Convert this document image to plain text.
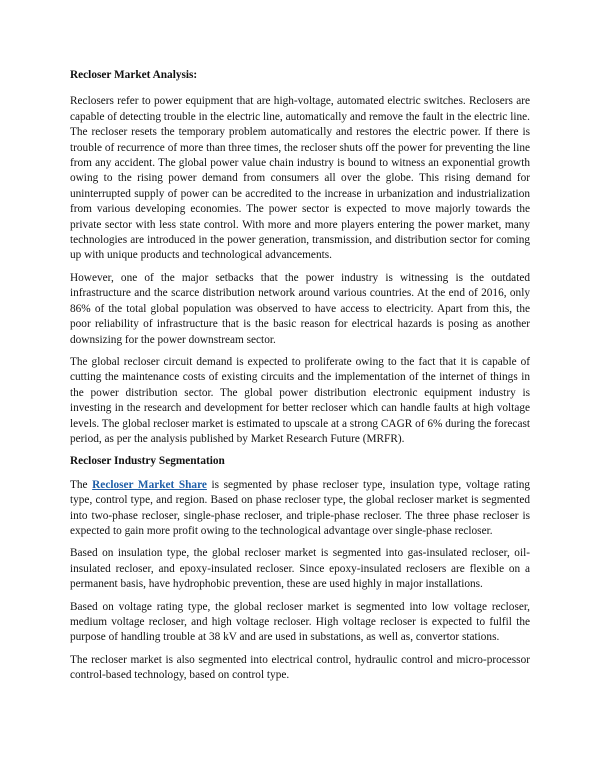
Recloser Market Analysis:

Reclosers refer to power equipment that are high-voltage, automated electric switches. Reclosers are capable of detecting trouble in the electric line, automatically and remove the fault in the electric line. The recloser resets the temporary problem automatically and restores the electric power. If there is trouble of recurrence of more than three times, the recloser shuts off the power for preventing the line from any accident. The global power value chain industry is bound to witness an exponential growth owing to the rising power demand from consumers all over the globe. This rising demand for uninterrupted supply of power can be accredited to the increase in urbanization and industrialization from various developing economies. The power sector is expected to move majorly towards the private sector with less state control. With more and more players entering the power market, many technologies are introduced in the power generation, transmission, and distribution sector for coming up with unique products and technological advancements.

However, one of the major setbacks that the power industry is witnessing is the outdated infrastructure and the scarce distribution network around various countries. At the end of 2016, only 86% of the total global population was observed to have access to electricity. Apart from this, the poor reliability of infrastructure that is the basic reason for electrical hazards is posing as another downsizing for the power downstream sector.

The global recloser circuit demand is expected to proliferate owing to the fact that it is capable of cutting the maintenance costs of existing circuits and the implementation of the internet of things in the power distribution sector. The global power distribution electronic equipment industry is investing in the research and development for better recloser which can handle faults at high voltage levels. The global recloser market is estimated to upscale at a strong CAGR of 6% during the forecast period, as per the analysis published by Market Research Future (MRFR).

Recloser Industry Segmentation

The Recloser Market Share is segmented by phase recloser type, insulation type, voltage rating type, control type, and region. Based on phase recloser type, the global recloser market is segmented into two-phase recloser, single-phase recloser, and triple-phase recloser. The three phase recloser is expected to gain more profit owing to the technological advantage over single-phase recloser.

Based on insulation type, the global recloser market is segmented into gas-insulated recloser, oil-insulated recloser, and epoxy-insulated recloser. Since epoxy-insulated reclosers are flexible on a permanent basis, have hydrophobic prevention, these are used highly in major installations.

Based on voltage rating type, the global recloser market is segmented into low voltage recloser, medium voltage recloser, and high voltage recloser. High voltage recloser is expected to fulfil the purpose of handling trouble at 38 kV and are used in substations, as well as, convertor stations.

The recloser market is also segmented into electrical control, hydraulic control and micro-processor control-based technology, based on control type.
